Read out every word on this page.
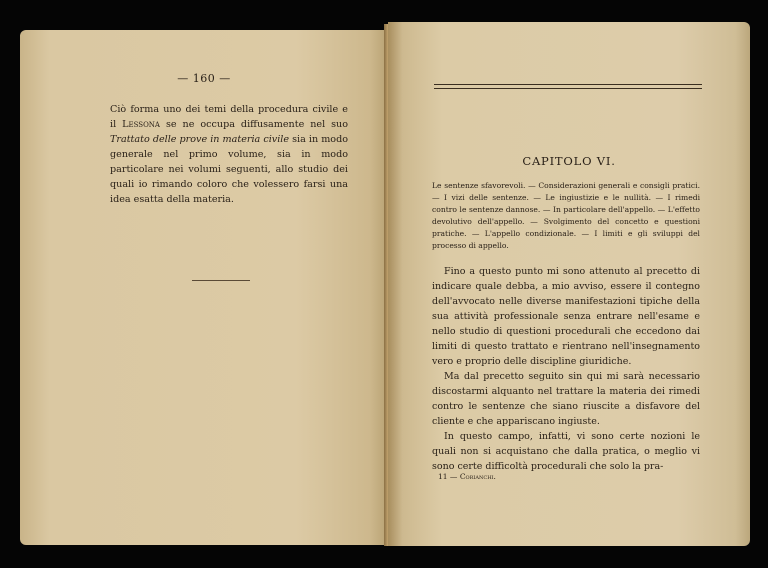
— 160 —

Ciò forma uno dei temi della procedura civile e il Lessona se ne occupa diffusamente nel suo Trattato delle prove in materia civile sia in modo generale nel primo volume, sia in modo particolare nei volumi seguenti, allo studio dei quali io rimando coloro che volessero farsi una idea esatta della materia.

CAPITOLO VI.

Le sentenze sfavorevoli. — Considerazioni generali e consigli pratici. — I vizi delle sentenze. — Le ingiustizie e le nullità. — I rimedi contro le sentenze dannose. — In particolare dell'appello. — L'effetto devolutivo dell'appello. — Svolgimento del concetto e questioni pratiche. — L'appello condizionale. — I limiti e gli sviluppi del processo di appello.

Fino a questo punto mi sono attenuto al precetto di indicare quale debba, a mio avviso, essere il contegno dell'avvocato nelle diverse manifestazioni tipiche della sua attività professionale senza entrare nell'esame e nello studio di questioni procedurali che eccedono dai limiti di questo trattato e rientrano nell'insegnamento vero e proprio delle discipline giuridiche.

Ma dal precetto seguito sin qui mi sarà necessario discostarmi alquanto nel trattare la materia dei rimedi contro le sentenze che siano riuscite a disfavore del cliente e che appariscano ingiuste.

In questo campo, infatti, vi sono certe nozioni le quali non si acquistano che dalla pratica, o meglio vi sono certe difficoltà procedurali che solo la pra-

11 — Corianchi.
